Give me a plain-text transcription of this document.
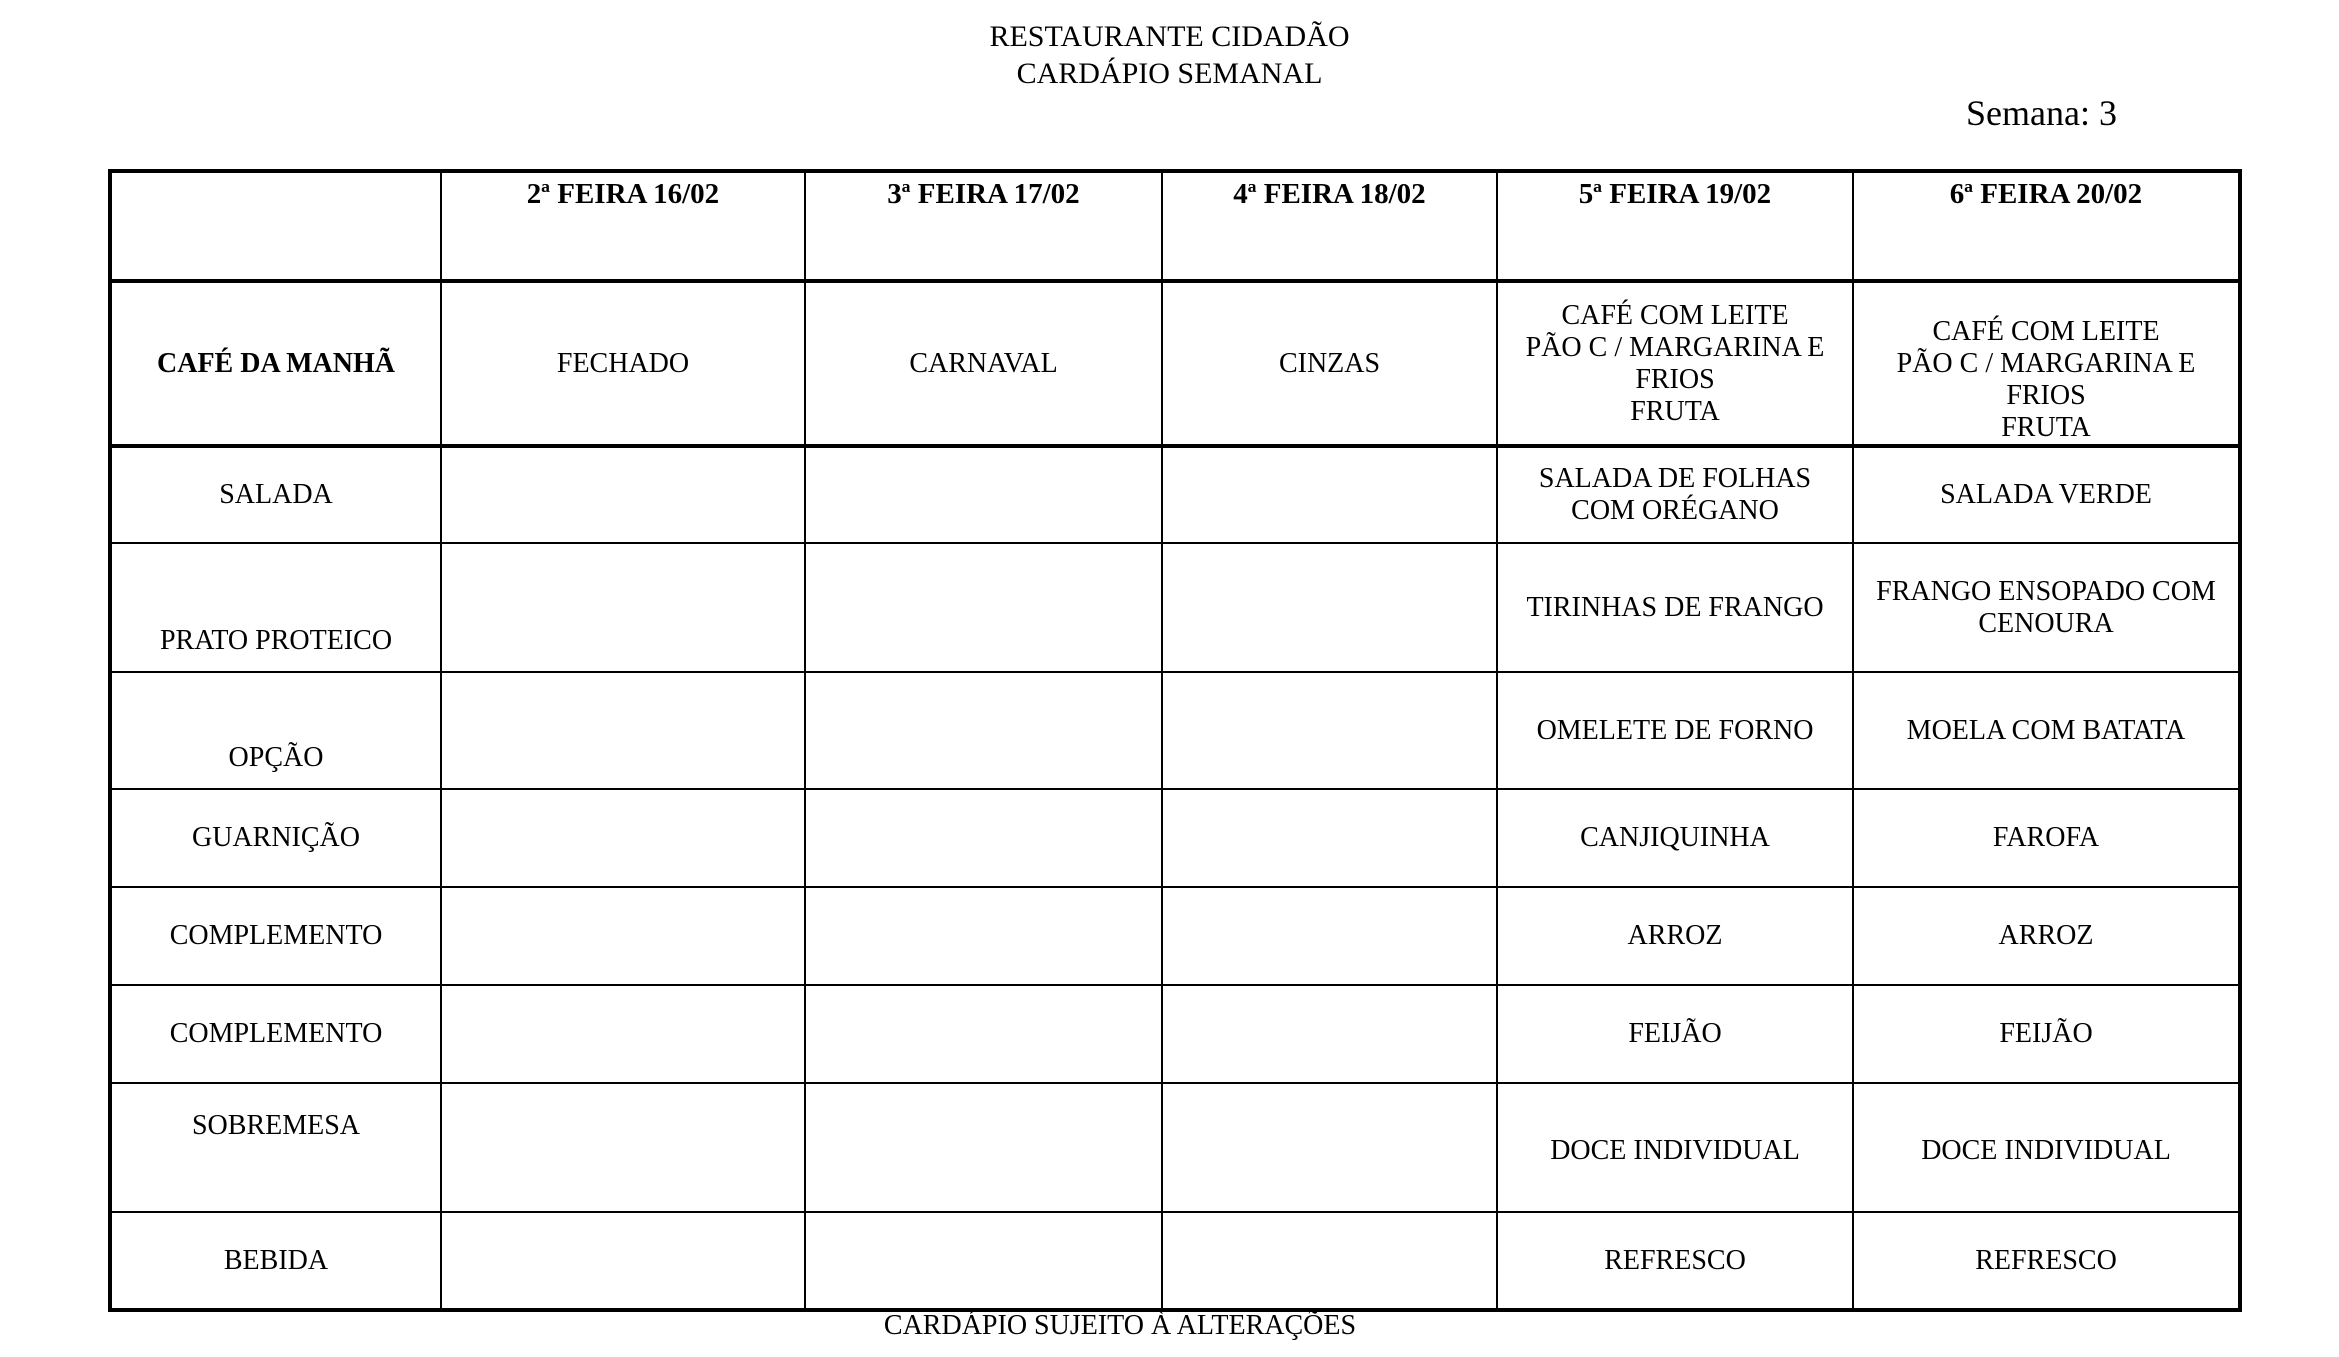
RESTAURANTE CIDADÃO
CARDÁPIO SEMANAL
Semana: 3
	2ª FEIRA 16/02	3ª FEIRA 17/02	4ª FEIRA 18/02	5ª FEIRA 19/02	6ª FEIRA 20/02
CAFÉ DA MANHÃ	FECHADO	CARNAVAL	CINZAS	CAFÉ COM LEITE
PÃO C / MARGARINA E
FRIOS
FRUTA	CAFÉ COM LEITE
PÃO C / MARGARINA E
FRIOS
FRUTA

SALADA				SALADA DE FOLHAS
COM ORÉGANO	SALADA VERDE

PRATO PROTEICO				TIRINHAS DE FRANGO	FRANGO ENSOPADO COM
CENOURA

OPÇÃO				OMELETE DE FORNO	MOELA COM BATATA

GUARNIÇÃO				CANJIQUINHA	FAROFA

COMPLEMENTO				ARROZ	ARROZ

COMPLEMENTO				FEIJÃO	FEIJÃO

SOBREMESA				DOCE INDIVIDUAL	DOCE INDIVIDUAL

BEBIDA				REFRESCO	REFRESCO
CARDÁPIO SUJEITO À ALTERAÇÕES
